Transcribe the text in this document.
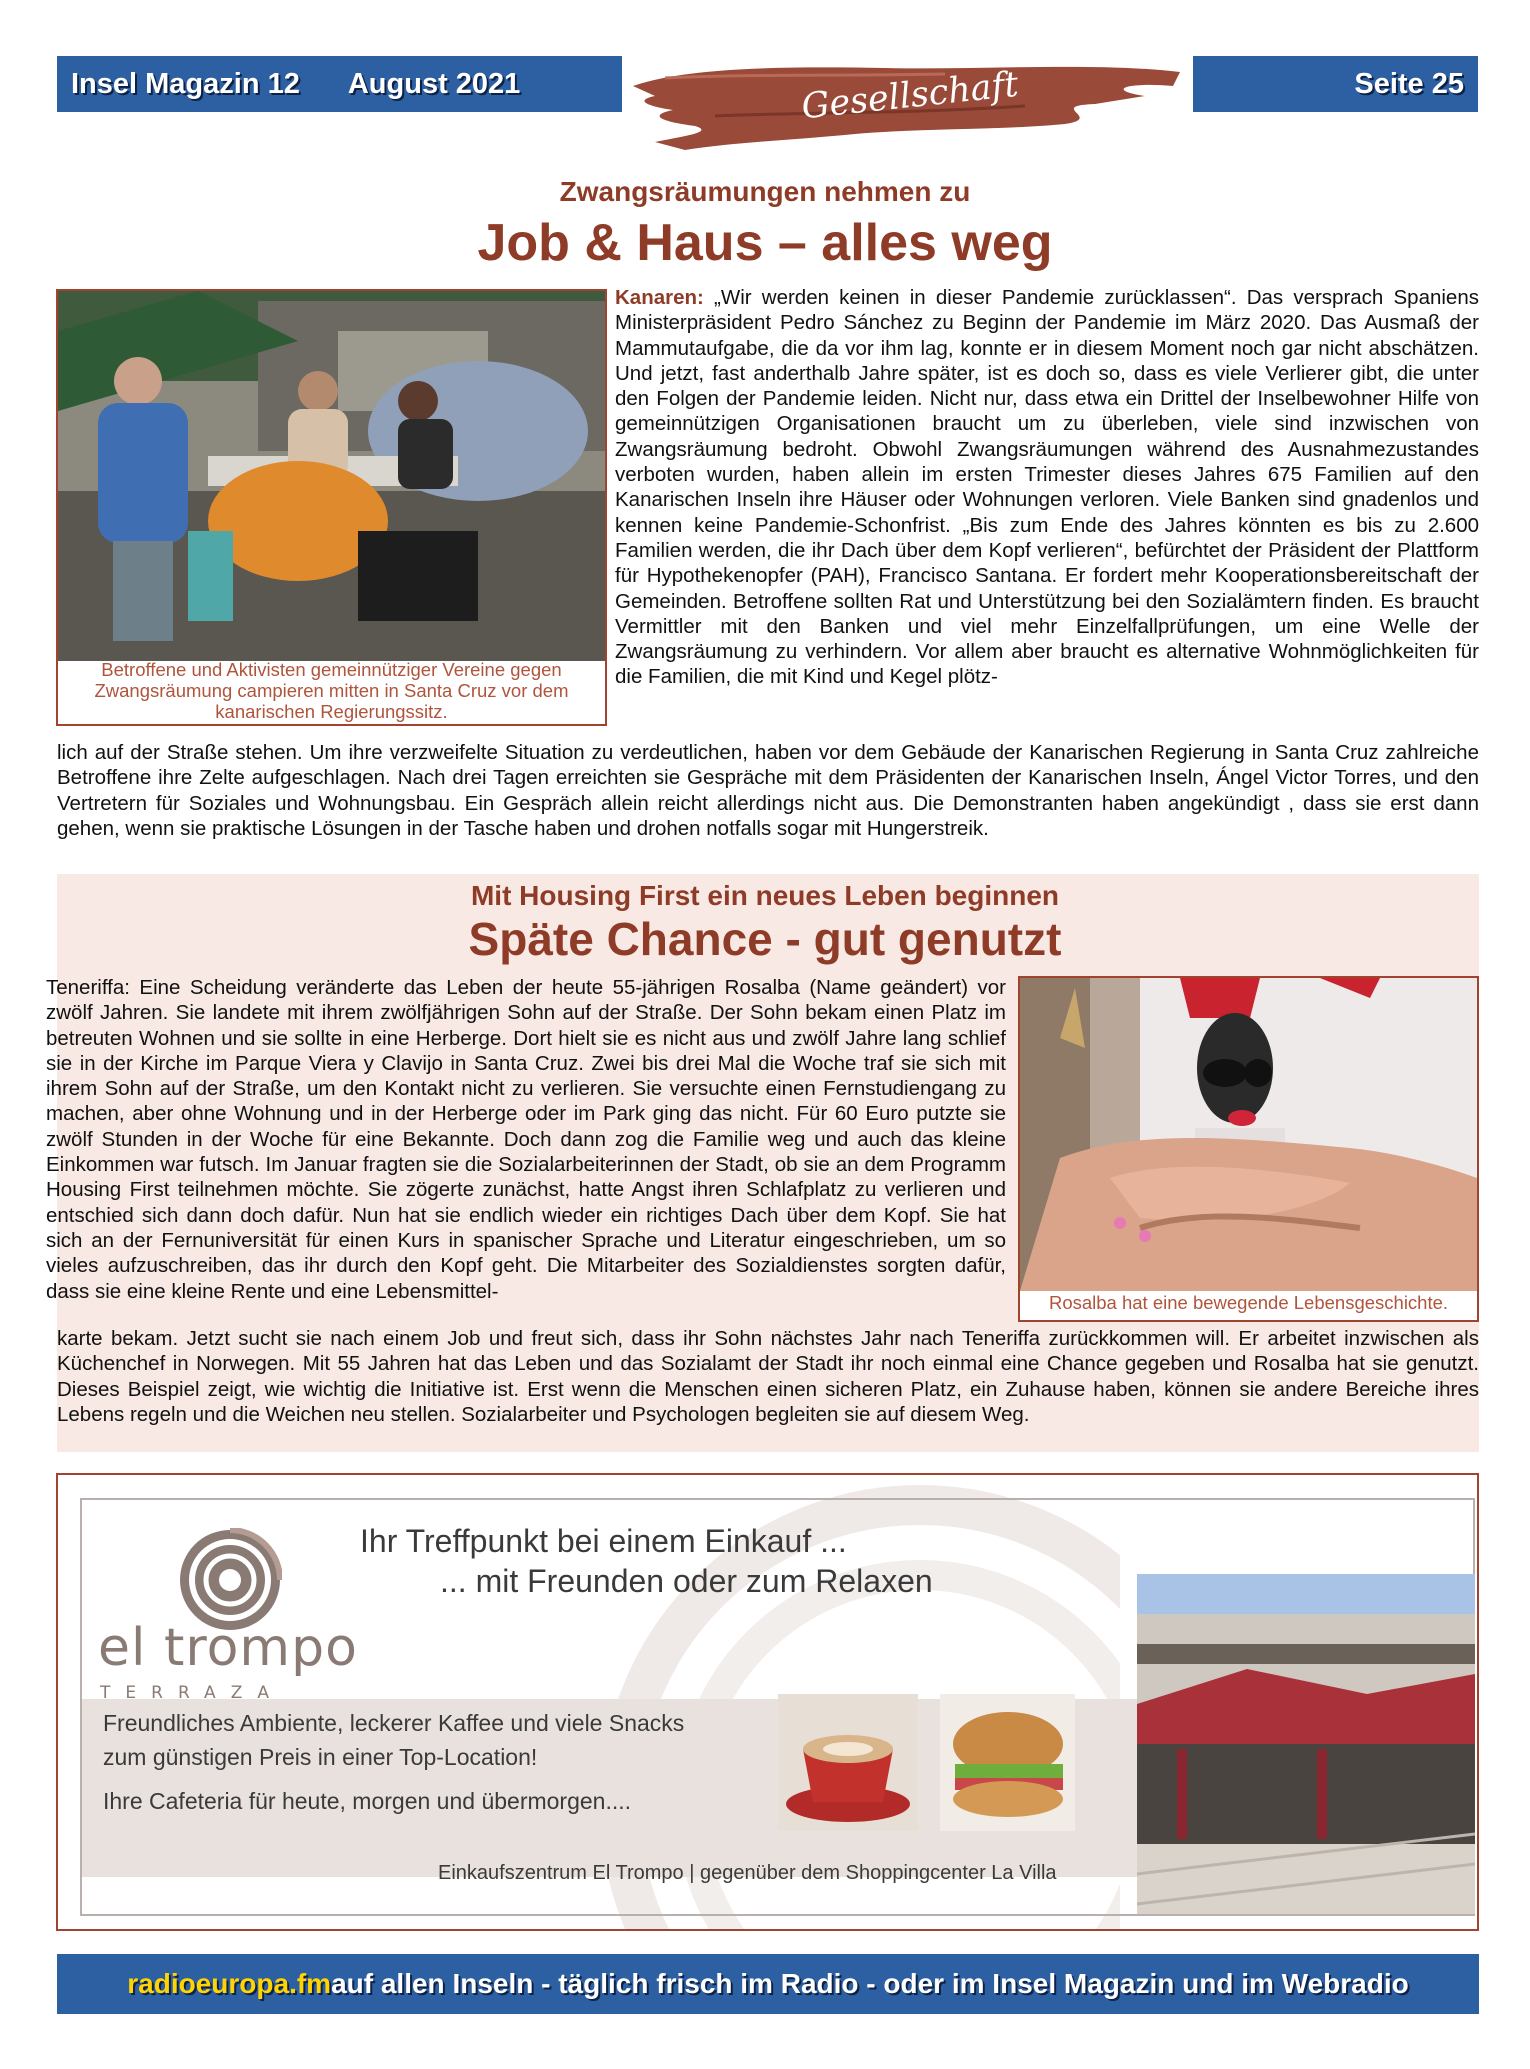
Insel Magazin 12 August 2021	Gesellschaft	Seite 25
Zwangsräumungen nehmen zu
Job & Haus – alles weg
Betroffene und Aktivisten gemeinnütziger Vereine gegen Zwangsräumung campieren mitten in Santa Cruz vor dem kanarischen Regierungssitz.

Kanaren: „Wir werden keinen in dieser Pandemie zurücklassen“. Das versprach Spaniens Ministerpräsident Pedro Sánchez zu Beginn der Pandemie im März 2020. Das Ausmaß der Mammutaufgabe, die da vor ihm lag, konnte er in diesem Moment noch gar nicht abschätzen. Und jetzt, fast anderthalb Jahre später, ist es doch so, dass es viele Verlierer gibt, die unter den Folgen der Pandemie leiden. Nicht nur, dass etwa ein Drittel der Inselbewohner Hilfe von gemeinnützigen Organisationen braucht um zu überleben, viele sind inzwischen von Zwangsräumung bedroht. Obwohl Zwangsräumungen während des Ausnahmezustandes verboten wurden, haben allein im ersten Trimester dieses Jahres 675 Familien auf den Kanarischen Inseln ihre Häuser oder Wohnungen verloren. Viele Banken sind gnadenlos und kennen keine Pandemie-Schonfrist. „Bis zum Ende des Jahres könnten es bis zu 2.600 Familien werden, die ihr Dach über dem Kopf verlieren“, befürchtet der Präsident der Plattform für Hypothekenopfer (PAH), Francisco Santana. Er fordert mehr Kooperationsbereitschaft der Gemeinden. Betroffene sollten Rat und Unterstützung bei den Sozialämtern finden. Es braucht Vermittler mit den Banken und viel mehr Einzelfallprüfungen, um eine Welle der Zwangsräumung zu verhindern. Vor allem aber braucht es alternative Wohnmöglichkeiten für die Familien, die mit Kind und Kegel plötz-

lich auf der Straße stehen. Um ihre verzweifelte Situation zu verdeutlichen, haben vor dem Gebäude der Kanarischen Regierung in Santa Cruz zahlreiche Betroffene ihre Zelte aufgeschlagen. Nach drei Tagen erreichten sie Gespräche mit dem Präsidenten der Kanarischen Inseln, Ángel Victor Torres, und den Vertretern für Soziales und Wohnungsbau. Ein Gespräch allein reicht allerdings nicht aus. Die Demonstranten haben angekündigt , dass sie erst dann gehen, wenn sie praktische Lösungen in der Tasche haben und drohen notfalls sogar mit Hungerstreik.

Mit Housing First ein neues Leben beginnen
Späte Chance - gut genutzt

Teneriffa: Eine Scheidung veränderte das Leben der heute 55-jährigen Rosalba (Name geändert) vor zwölf Jahren. Sie landete mit ihrem zwölfjährigen Sohn auf der Straße. Der Sohn bekam einen Platz im betreuten Wohnen und sie sollte in eine Herberge. Dort hielt sie es nicht aus und zwölf Jahre lang schlief sie in der Kirche im Parque Viera y Clavijo in Santa Cruz. Zwei bis drei Mal die Woche traf sie sich mit ihrem Sohn auf der Straße, um den Kontakt nicht zu verlieren. Sie versuchte einen Fernstudiengang zu machen, aber ohne Wohnung und in der Herberge oder im Park ging das nicht. Für 60 Euro putzte sie zwölf Stunden in der Woche für eine Bekannte. Doch dann zog die Familie weg und auch das kleine Einkommen war futsch. Im Januar fragten sie die Sozialarbeiterinnen der Stadt, ob sie an dem Programm Housing First teilnehmen möchte. Sie zögerte zunächst, hatte Angst ihren Schlafplatz zu verlieren und entschied sich dann doch dafür. Nun hat sie endlich wieder ein richtiges Dach über dem Kopf. Sie hat sich an der Fernuniversität für einen Kurs in spanischer Sprache und Literatur eingeschrieben, um so vieles aufzuschreiben, das ihr durch den Kopf geht. Die Mitarbeiter des Sozialdienstes sorgten dafür, dass sie eine kleine Rente und eine Lebensmittel-	Rosalba hat eine bewegende Lebensgeschichte.

karte bekam. Jetzt sucht sie nach einem Job und freut sich, dass ihr Sohn nächstes Jahr nach Teneriffa zurückkommen will. Er arbeitet inzwischen als Küchenchef in Norwegen. Mit 55 Jahren hat das Leben und das Sozialamt der Stadt ihr noch einmal eine Chance gegeben und Rosalba hat sie genutzt. Dieses Beispiel zeigt, wie wichtig die Initiative ist. Erst wenn die Menschen einen sicheren Platz, ein Zuhause haben, können sie andere Bereiche ihres Lebens regeln und die Weichen neu stellen. Sozialarbeiter und Psychologen begleiten sie auf diesem Weg.

Ihr Treffpunkt bei einem Einkauf ...
... mit Freunden oder zum Relaxen
el trompo
TERRAZA
Freundliches Ambiente, leckerer Kaffee und viele Snacks
zum günstigen Preis in einer Top-Location!
Ihre Cafeteria für heute, morgen und übermorgen....
Einkaufszentrum El Trompo | gegenüber dem Shoppingcenter La Villa
radioeuropa.fm auf allen Inseln - täglich frisch im Radio - oder im Insel Magazin und im Webradio
